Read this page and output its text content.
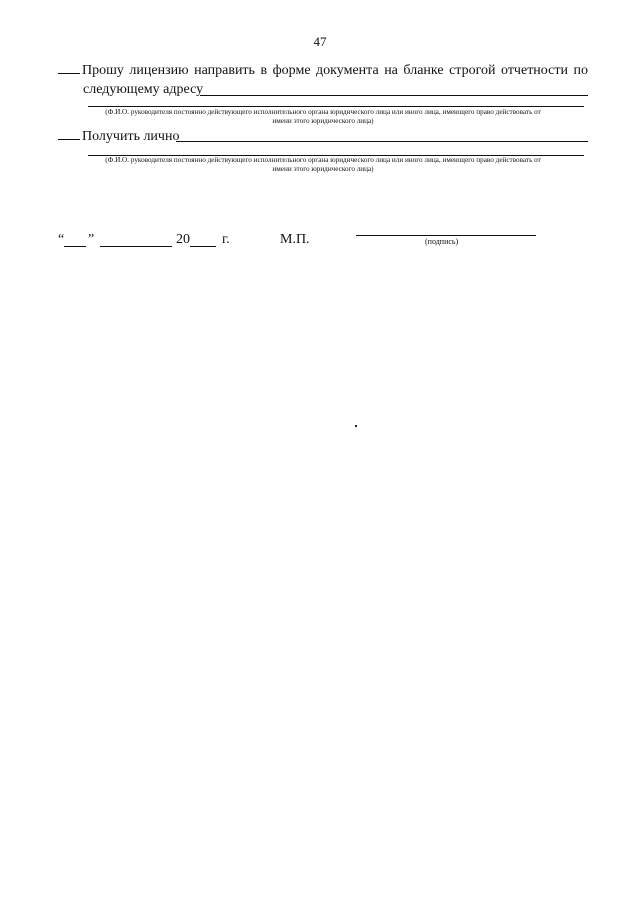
47
Прошу лицензию направить в форме документа на бланке строгой отчетности по
следующему адресу
(Ф.И.О. руководителя постоянно действующего исполнительного органа юридического лица или иного лица, имеющего право действовать от
имени этого юридического лица)
Получить лично
(Ф.И.О. руководителя постоянно действующего исполнительного органа юридического лица или иного лица, имеющего право действовать от
имени этого юридического лица)
“ ”	20 г.	М.П.	(подпись)
